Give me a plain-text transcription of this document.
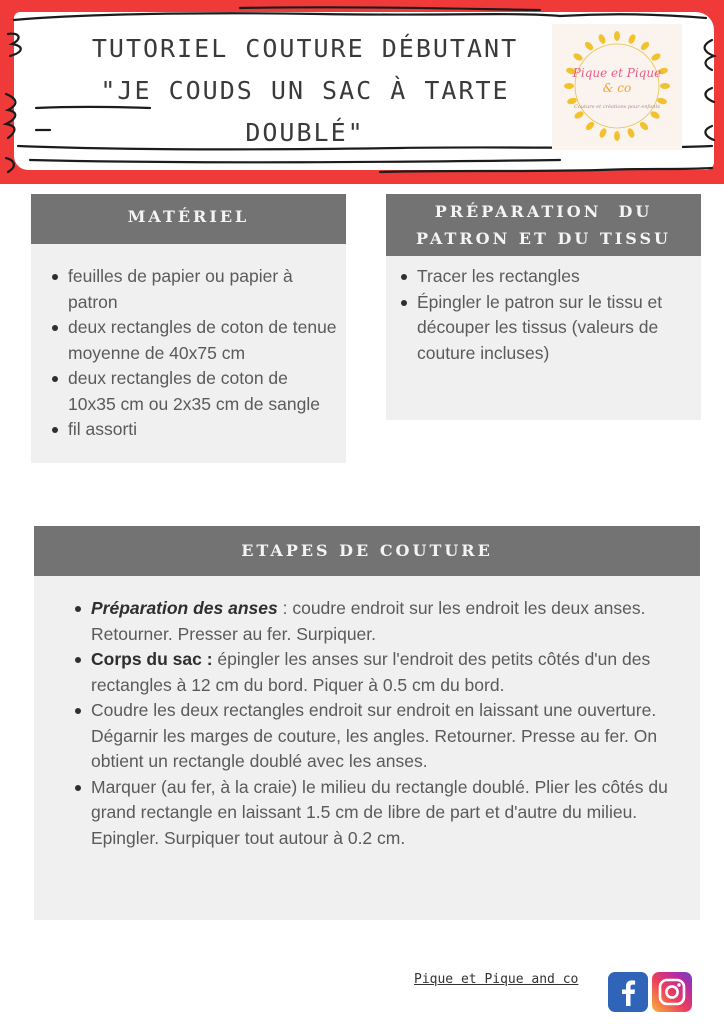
TUTORIEL COUTURE DÉBUTANT
"JE COUDS UN SAC À TARTE DOUBLÉ"
Pique et Pique
& co
Couture et créations pour enfants
MATÉRIEL
feuilles de papier ou papier à patron
deux rectangles de coton de tenue moyenne de 40x75 cm
deux rectangles de coton de 10x35 cm ou 2x35 cm de sangle
fil assorti
PRÉPARATION  DU
PATRON ET DU TISSU
Tracer les rectangles
Épingler le patron sur le tissu et découper les tissus (valeurs de couture incluses)
ETAPES DE COUTURE
Préparation des anses : coudre endroit sur les endroit les deux anses. Retourner. Presser au fer. Surpiquer.
Corps du sac : épingler les anses sur l'endroit des petits côtés d'un des rectangles à 12 cm du bord. Piquer à 0.5 cm du bord.
Coudre les deux rectangles endroit sur endroit en laissant une ouverture. Dégarnir les marges de couture, les angles. Retourner. Presse au fer. On obtient un rectangle doublé avec les anses.
Marquer (au fer, à la craie) le milieu du rectangle doublé. Plier les côtés du grand rectangle en laissant 1.5 cm de libre de part et d'autre du milieu. Epingler. Surpiquer tout autour à 0.2 cm.
Pique et Pique and co
